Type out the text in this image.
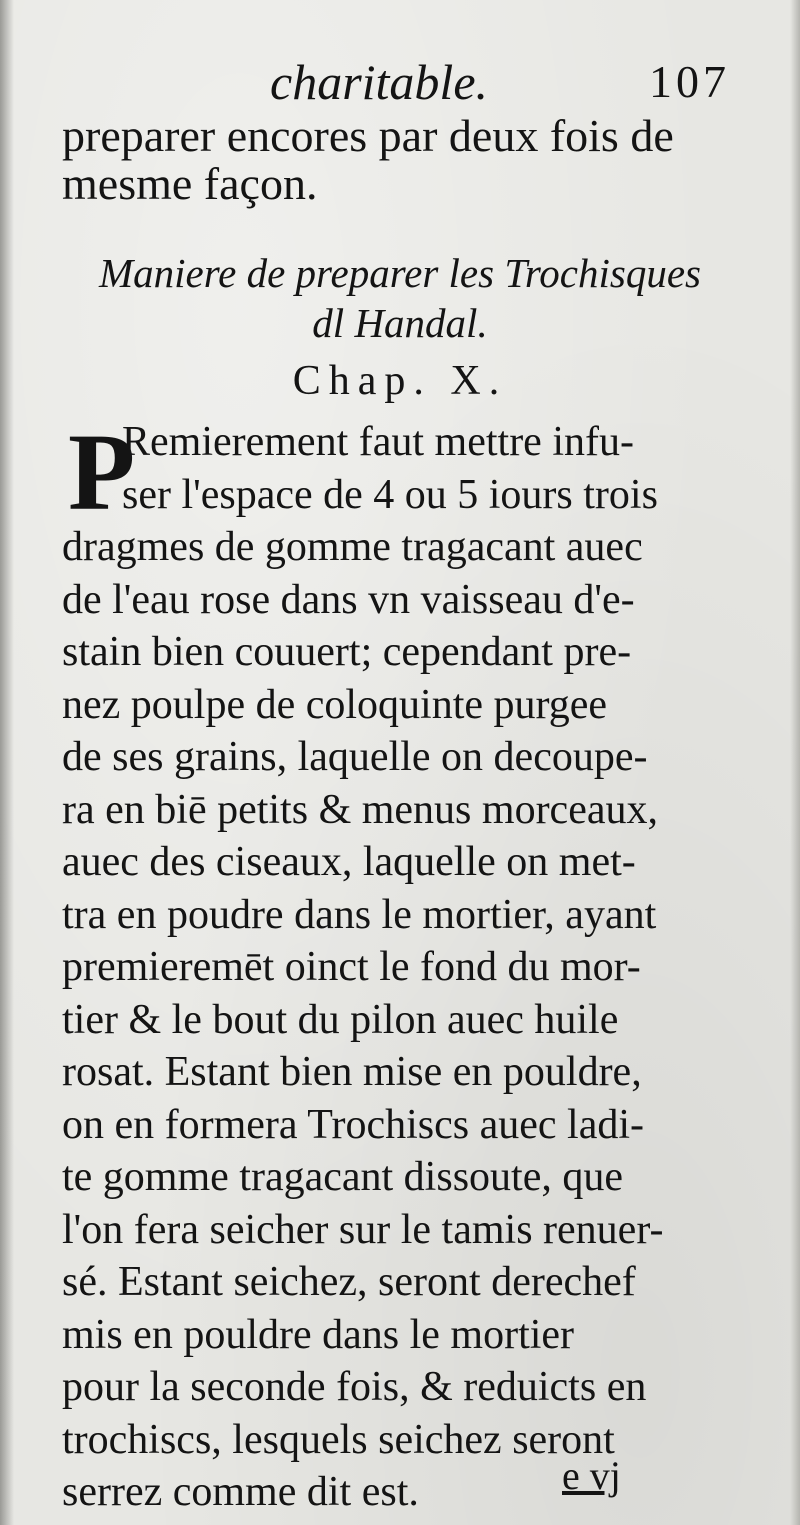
charitable.	107
preparer encores par deux fois de
mesme façon.
Maniere de preparer les Trochisques
dl Handal.
Chap. X.
P
Remierement faut mettre infu-
ser l'espace de 4 ou 5 iours trois
dragmes de gomme tragacant auec
de l'eau rose dans vn vaisseau d'e-
stain bien couuert; cependant pre-
nez poulpe de coloquinte purgee
de ses grains, laquelle on decoupe-
ra en biē petits & menus morceaux,
auec des ciseaux, laquelle on met-
tra en poudre dans le mortier, ayant
premieremēt oinct le fond du mor-
tier & le bout du pilon auec huile
rosat. Estant bien mise en pouldre,
on en formera Trochiscs auec ladi-
te gomme tragacant dissoute, que
l'on fera seicher sur le tamis renuer-
sé. Estant seichez, seront derechef
mis en pouldre dans le mortier
pour la seconde fois, & reduicts en
trochiscs, lesquels seichez seront
serrez comme dit est.	e vj
